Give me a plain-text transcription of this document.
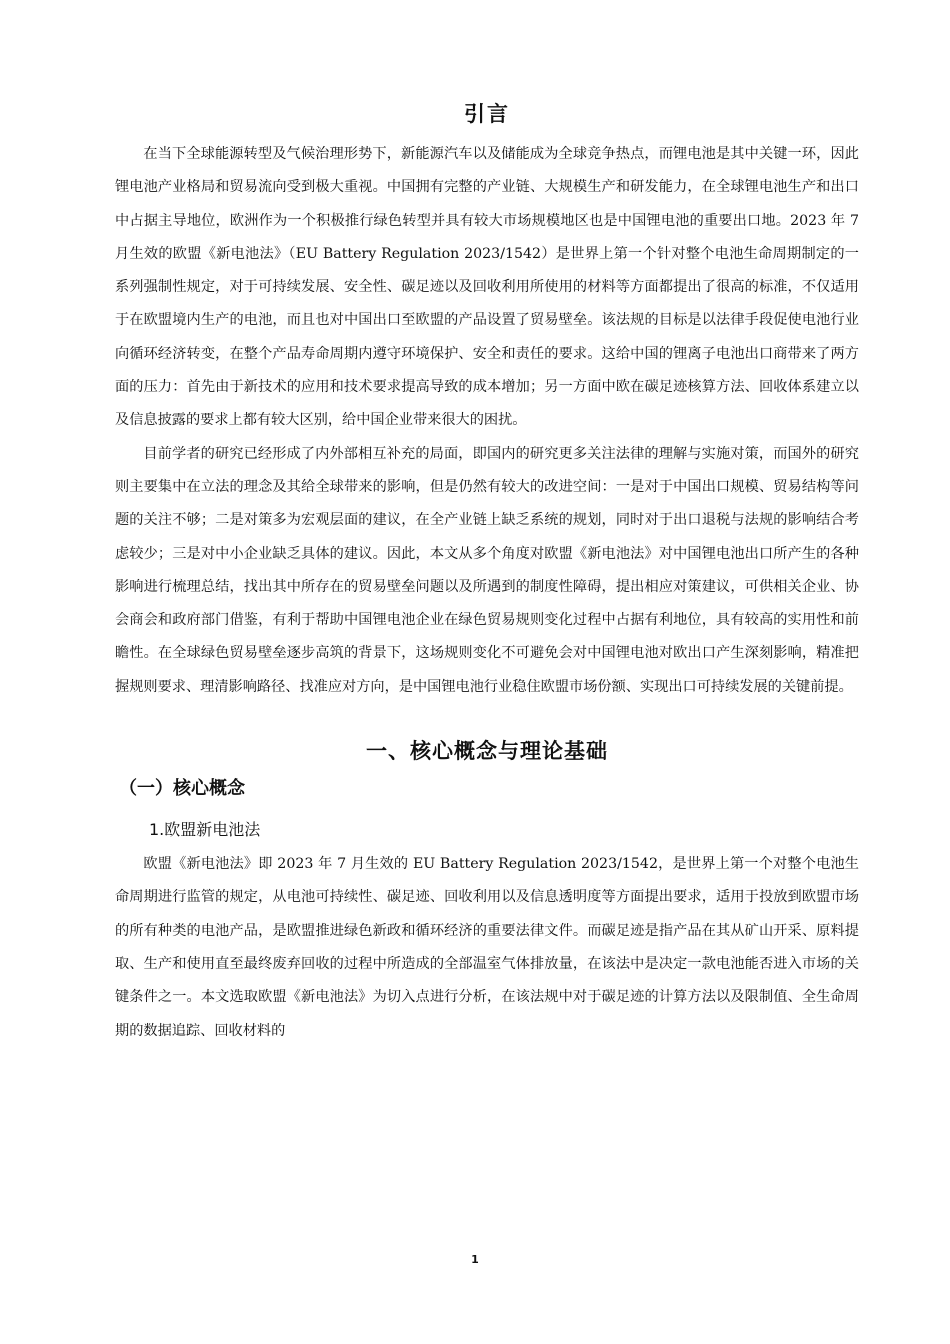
引言

在当下全球能源转型及气候治理形势下，新能源汽车以及储能成为全球竞争热点，而锂电池是其中关键一环，因此锂电池产业格局和贸易流向受到极大重视。中国拥有完整的产业链、大规模生产和研发能力，在全球锂电池生产和出口中占据主导地位，欧洲作为一个积极推行绿色转型并具有较大市场规模地区也是中国锂电池的重要出口地。2023 年 7 月生效的欧盟《新电池法》（EU Battery Regulation 2023/1542）是世界上第一个针对整个电池生命周期制定的一系列强制性规定，对于可持续发展、安全性、碳足迹以及回收利用所使用的材料等方面都提出了很高的标准，不仅适用于在欧盟境内生产的电池，而且也对中国出口至欧盟的产品设置了贸易壁垒。该法规的目标是以法律手段促使电池行业向循环经济转变，在整个产品寿命周期内遵守环境保护、安全和责任的要求。这给中国的锂离子电池出口商带来了两方面的压力：首先由于新技术的应用和技术要求提高导致的成本增加；另一方面中欧在碳足迹核算方法、回收体系建立以及信息披露的要求上都有较大区别，给中国企业带来很大的困扰。

目前学者的研究已经形成了内外部相互补充的局面，即国内的研究更多关注法律的理解与实施对策，而国外的研究则主要集中在立法的理念及其给全球带来的影响，但是仍然有较大的改进空间：一是对于中国出口规模、贸易结构等问题的关注不够；二是对策多为宏观层面的建议，在全产业链上缺乏系统的规划，同时对于出口退税与法规的影响结合考虑较少；三是对中小企业缺乏具体的建议。因此，本文从多个角度对欧盟《新电池法》对中国锂电池出口所产生的各种影响进行梳理总结，找出其中所存在的贸易壁垒问题以及所遇到的制度性障碍，提出相应对策建议，可供相关企业、协会商会和政府部门借鉴，有利于帮助中国锂电池企业在绿色贸易规则变化过程中占据有利地位，具有较高的实用性和前瞻性。在全球绿色贸易壁垒逐步高筑的背景下，这场规则变化不可避免会对中国锂电池对欧出口产生深刻影响，精准把握规则要求、理清影响路径、找准应对方向，是中国锂电池行业稳住欧盟市场份额、实现出口可持续发展的关键前提。

一、核心概念与理论基础
（一）核心概念
1.欧盟新电池法

欧盟《新电池法》即 2023 年 7 月生效的 EU Battery Regulation 2023/1542，是世界上第一个对整个电池生命周期进行监管的规定，从电池可持续性、碳足迹、回收利用以及信息透明度等方面提出要求，适用于投放到欧盟市场的所有种类的电池产品，是欧盟推进绿色新政和循环经济的重要法律文件。而碳足迹是指产品在其从矿山开采、原料提取、生产和使用直至最终废弃回收的过程中所造成的全部温室气体排放量，在该法中是决定一款电池能否进入市场的关键条件之一。本文选取欧盟《新电池法》为切入点进行分析，在该法规中对于碳足迹的计算方法以及限制值、全生命周期的数据追踪、回收材料的

1
